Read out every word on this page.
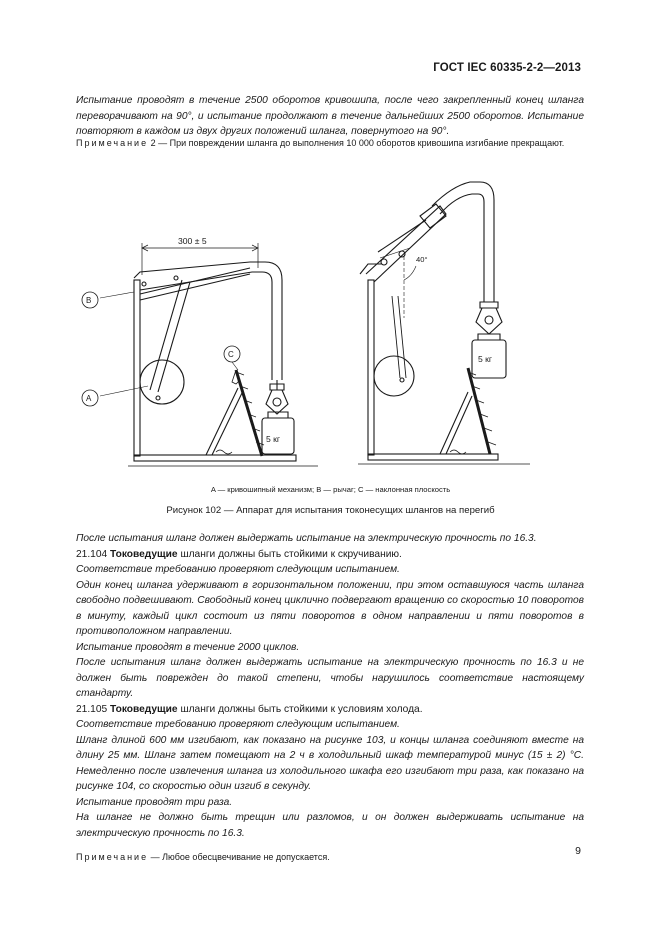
ГОСТ IEC 60335-2-2—2013
Испытание проводят в течение 2500 оборотов кривошипа, после чего закрепленный конец шланга переворачивают на 90°, и испытание продолжают в течение дальнейших 2500 оборотов. Испытание повторяют в каждом из двух других положений шланга, повернутого на 90°.
Примечание 2 — При повреждении шланга до выполнения 10 000 оборотов кривошипа изгибание прекращают.
300 ± 5
B
A
C
5 кг
5 кг
40°
A — кривошипный механизм; B — рычаг; C — наклонная плоскость
Рисунок 102 — Аппарат для испытания токонесущих шлангов на перегиб
После испытания шланг должен выдержать испытание на электрическую прочность по 16.3.
21.104 Токоведущие шланги должны быть стойкими к скручиванию.
Соответствие требованию проверяют следующим испытанием.
Один конец шланга удерживают в горизонтальном положении, при этом оставшуюся часть шланга свободно подвешивают. Свободный конец циклично подвергают вращению со скоростью 10 поворотов в минуту, каждый цикл состоит из пяти поворотов в одном направлении и пяти поворотов в противоположном направлении.
Испытание проводят в течение 2000 циклов.
После испытания шланг должен выдержать испытание на электрическую прочность по 16.3 и не должен быть поврежден до такой степени, чтобы нарушилось соответствие настоящему стандарту.
21.105 Токоведущие шланги должны быть стойкими к условиям холода.
Соответствие требованию проверяют следующим испытанием.
Шланг длиной 600 мм изгибают, как показано на рисунке 103, и концы шланга соединяют вместе на длину 25 мм. Шланг затем помещают на 2 ч в холодильный шкаф температурой минус (15 ± 2) °С. Немедленно после извлечения шланга из холодильного шкафа его изгибают три раза, как показано на рисунке 104, со скоростью один изгиб в секунду.
Испытание проводят три раза.
На шланге не должно быть трещин или разломов, и он должен выдерживать испытание на электрическую прочность по 16.3.
Примечание — Любое обесцвечивание не допускается.	9
